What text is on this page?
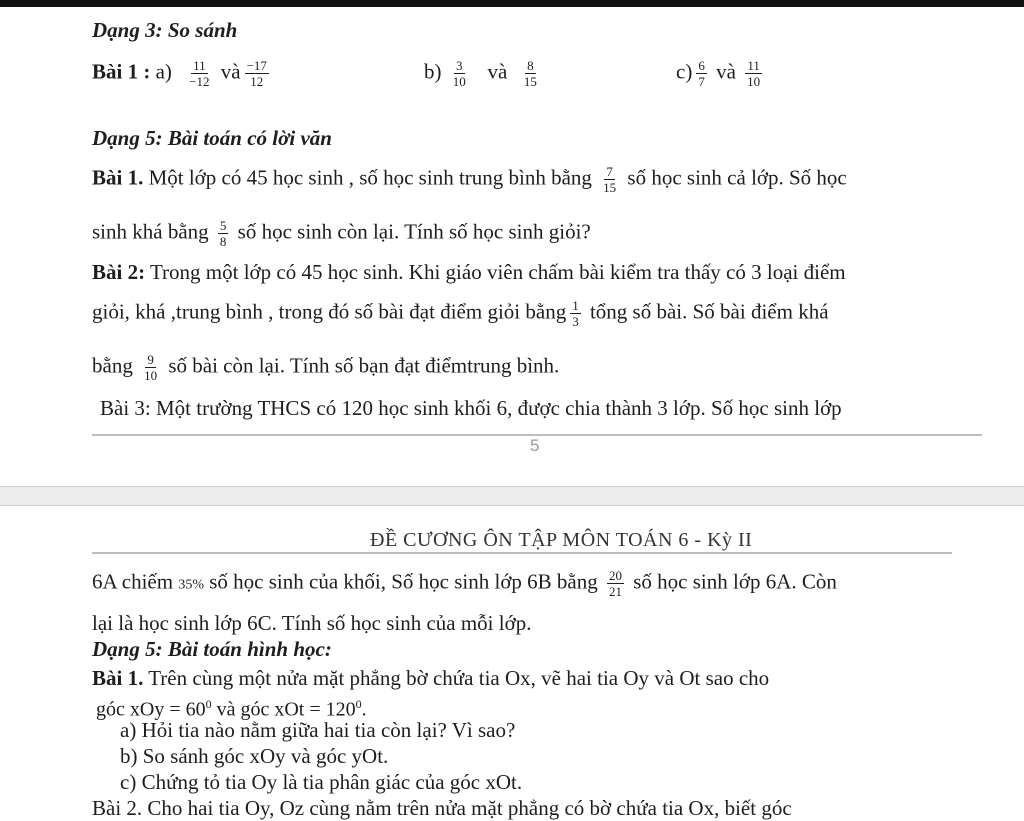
Dạng 3: So sánh
Bài 1 : $a) \frac{11}{-12}$ và $\frac{-17}{12}$	$b) \frac{3}{10}$ và $\frac{8}{15}$	$c) \frac{6}{7}$ và $\frac{11}{10}$
Dạng 5: Bài toán có lời văn
Bài 1. Một lớp có 45 học sinh , số học sinh trung bình bằng $\frac{7}{15}$ số học sinh cả lớp. Số học
sinh khá bằng $\frac{5}{8}$ số học sinh còn lại. Tính số học sinh giỏi?
Bài 2: Trong một lớp có 45 học sinh. Khi giáo viên chấm bài kiểm tra thấy có 3 loại điểm
giỏi, khá ,trung bình , trong đó số bài đạt điểm giỏi bằng $\frac{1}{3}$ tổng số bài. Số bài điểm khá
bằng $\frac{9}{10}$ số bài còn lại. Tính số bạn đạt điểmtrung bình.
Bài 3: Một trường THCS có 120 học sinh khối 6, được chia thành 3 lớp. Số học sinh lớp
5
ĐỀ CƯƠNG ÔN TẬP MÔN TOÁN 6 - Kỳ II
6A chiếm 35% số học sinh của khối, Số học sinh lớp 6B bằng $\frac{20}{21}$ số học sinh lớp 6A. Còn
lại là học sinh lớp 6C. Tính số học sinh của mỗi lớp.
Dạng 5: Bài toán hình học:
Bài 1. Trên cùng một nửa mặt phẳng bờ chứa tia Ox, vẽ hai tia Oy và Ot sao cho
góc xOy = $60^0$ và góc xOt = $120^0$.
a) Hỏi tia nào nằm giữa hai tia còn lại? Vì sao?
b) So sánh góc xOy và góc yOt.
c) Chứng tỏ tia Oy là tia phân giác của góc xOt.
Bài 2. Cho hai tia Oy, Oz cùng nằm trên nửa mặt phẳng có bờ chứa tia Ox, biết góc
